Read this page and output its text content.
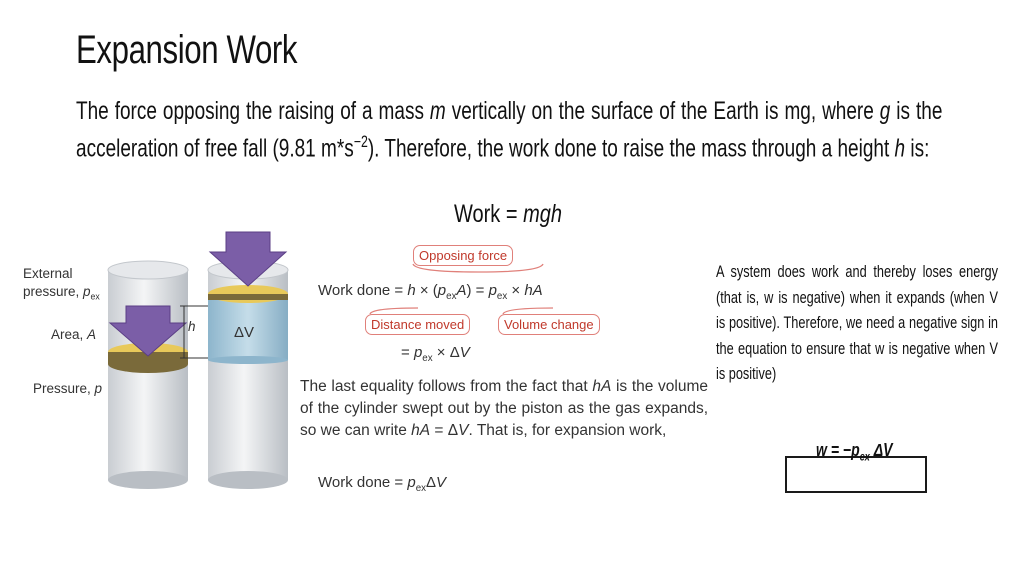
Expansion Work

The force opposing the raising of a mass m vertically on the surface of the Earth is mg, where g is the acceleration of free fall (9.81 $m*s^{-2}$). Therefore, the work done to raise the mass through a height h is:

Work = mgh
External
pressure, $p_{ex}$
Area, A
Pressure, p
h	ΔV
Opposing force
Distance moved	Volume change
Work done = $h \times (p_{ex}A) = p_{ex}$ × hA
= $p_{ex} \times \Delta V$

The last equality follows from the fact that hA is the volume of the cylinder swept out by the piston as the gas expands, so we can write hA = ΔV. That is, for expansion work,

Work done = $p_{ex}\Delta V$

A system does work and thereby loses energy (that is, w is negative) when it expands (when V is positive). Therefore, we need a negative sign in the equation to ensure that w is negative when V is positive)

$w = -p_{ex}$ ΔV
